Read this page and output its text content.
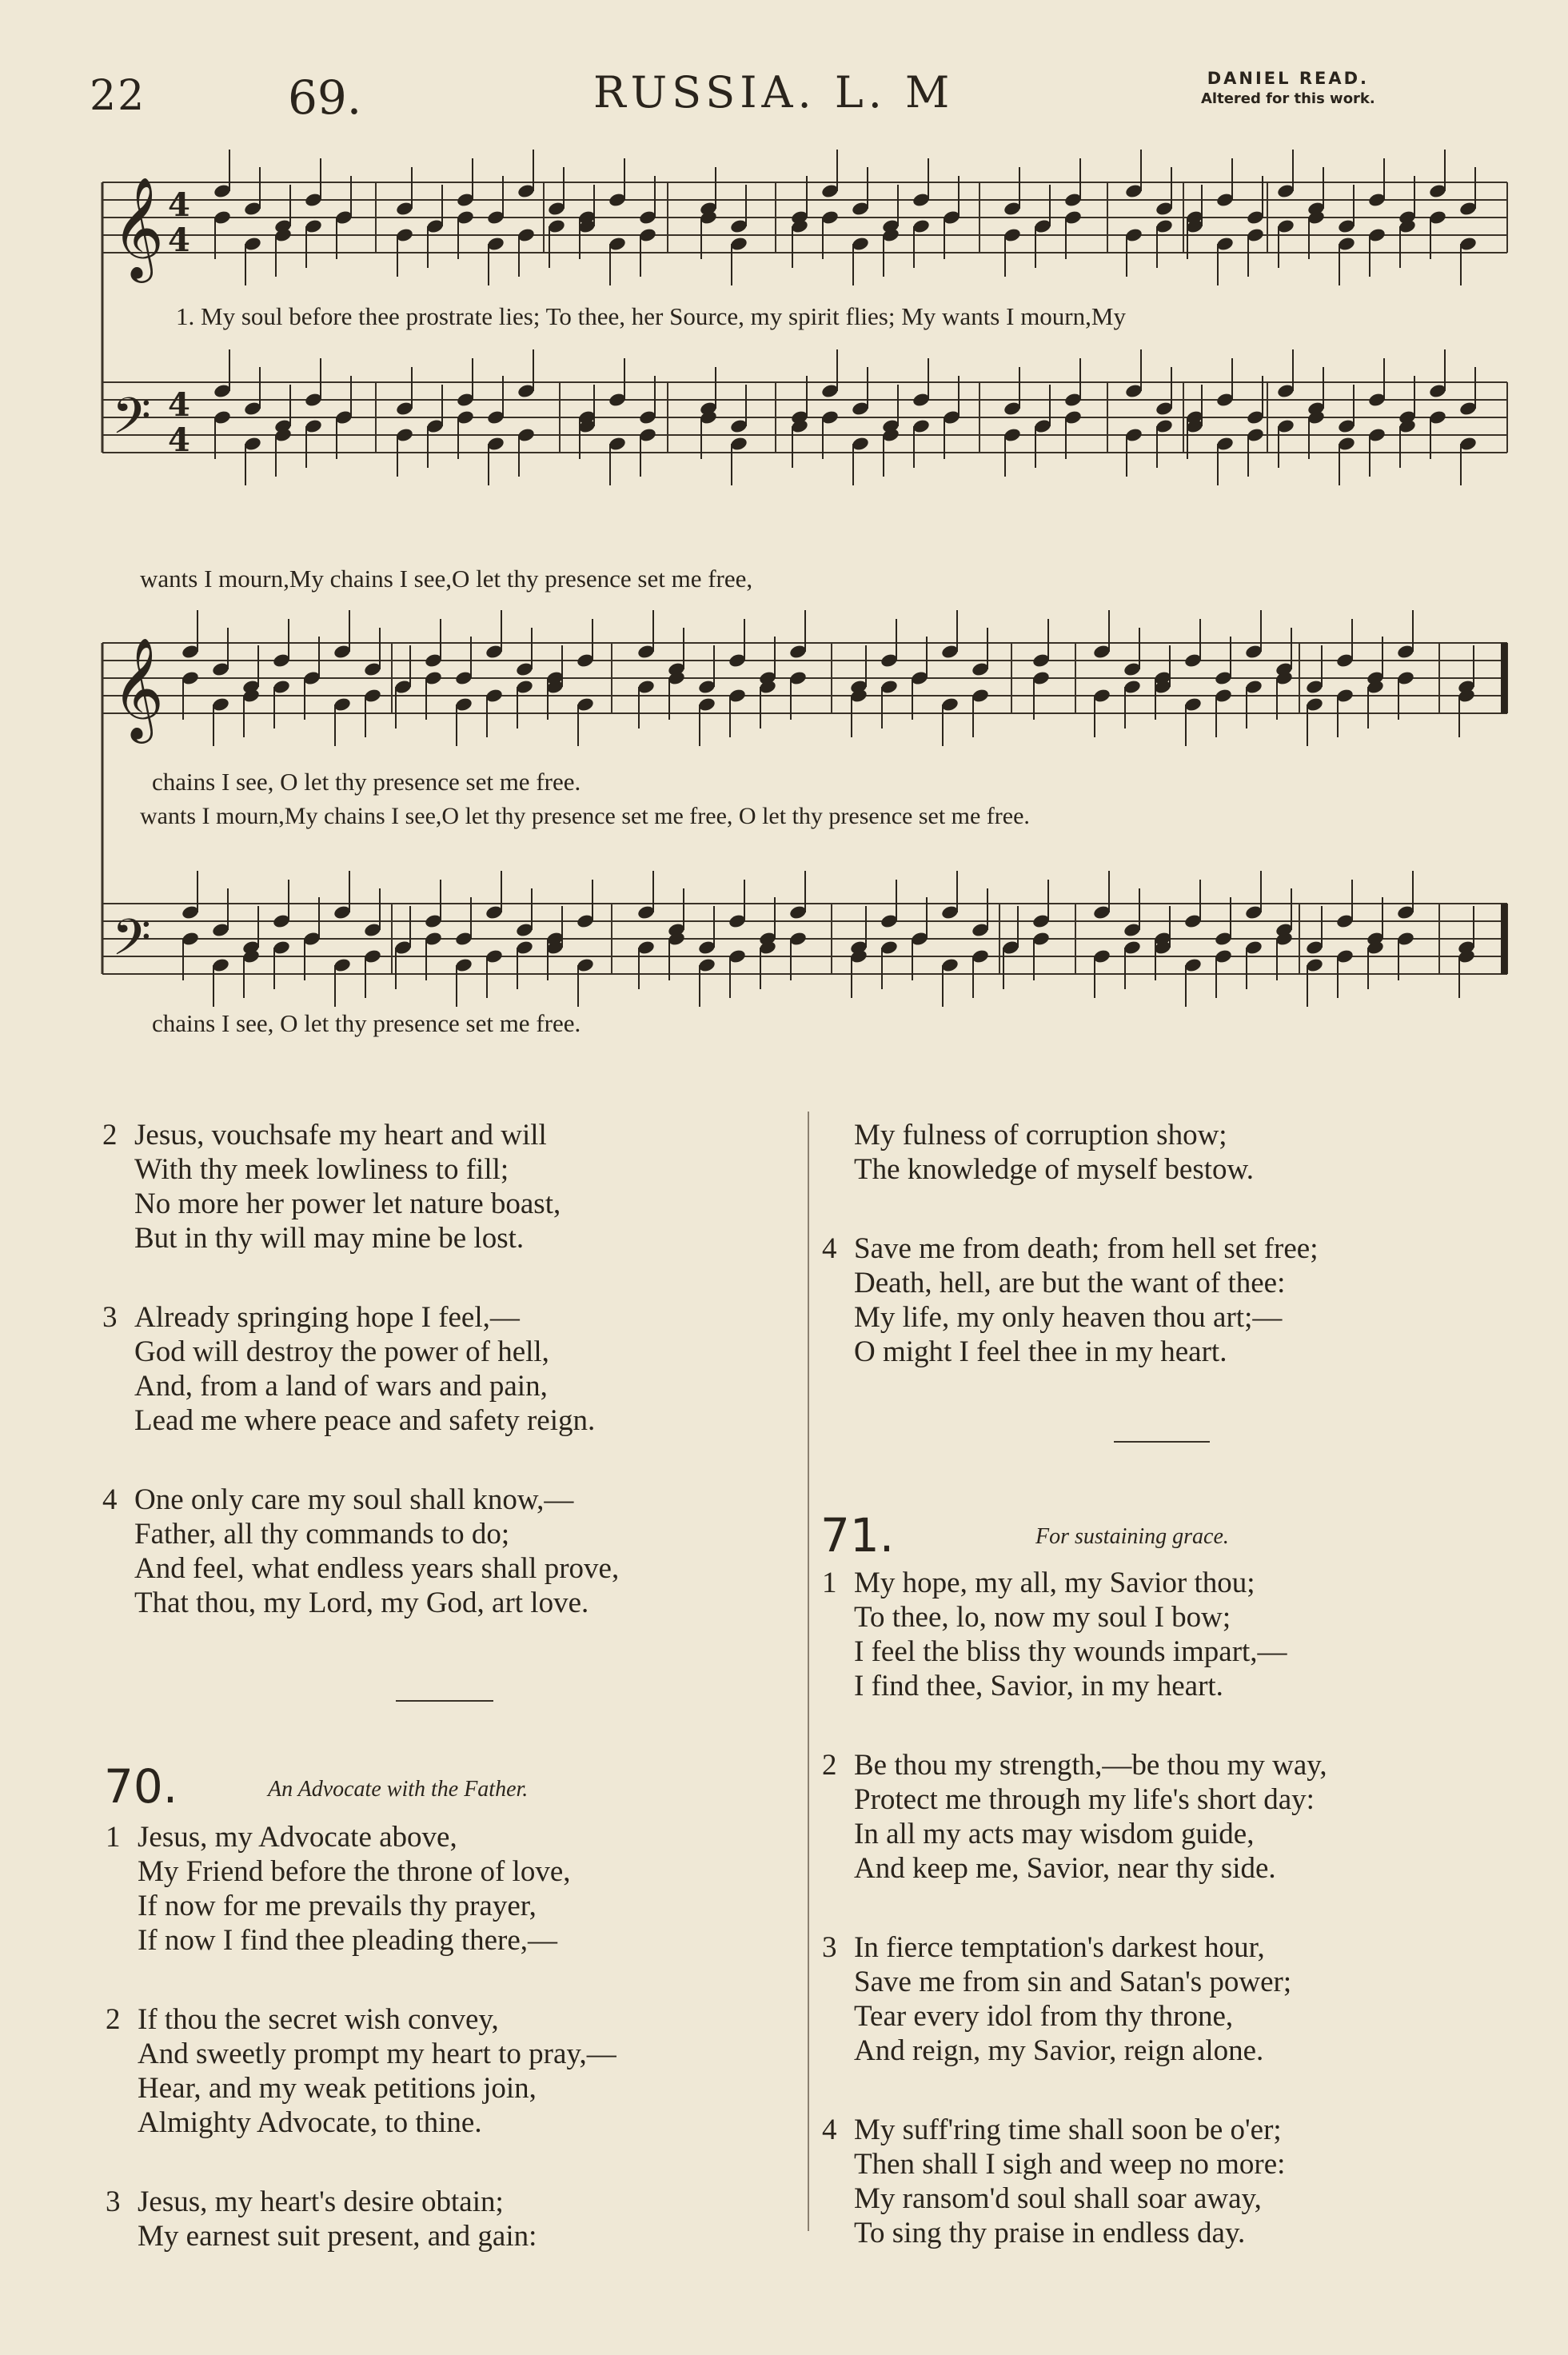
22	69.	RUSSIA. L. M	DANIEL READ.
Altered for this work.
𝄞 4
4
𝄢 4
4
𝄞
𝄢
1. My soul before thee prostrate lies; To thee, her Source, my spirit flies; My wants I mourn,My
wants I mourn,My chains I see,O let thy presence set me free,
chains I see, O let thy presence set me free.
wants I mourn,My chains I see,O let thy presence set me free, O let thy presence set me free.
chains I see, O let thy presence set me free.
2 Jesus, vouchsafe my heart and will
With thy meek lowliness to fill;
No more her power let nature boast,
But in thy will may mine be lost.
3 Already springing hope I feel,—
God will destroy the power of hell,
And, from a land of wars and pain,
Lead me where peace and safety reign.
4 One only care my soul shall know,—
Father, all thy commands to do;
And feel, what endless years shall prove,
That thou, my Lord, my God, art love.
70.	An Advocate with the Father.
1 Jesus, my Advocate above,
My Friend before the throne of love,
If now for me prevails thy prayer,
If now I find thee pleading there,—
2 If thou the secret wish convey,
And sweetly prompt my heart to pray,—
Hear, and my weak petitions join,
Almighty Advocate, to thine.
3 Jesus, my heart's desire obtain;
My earnest suit present, and gain:
My fulness of corruption show;
The knowledge of myself bestow.
4 Save me from death; from hell set free;
Death, hell, are but the want of thee:
My life, my only heaven thou art;—
O might I feel thee in my heart.
71.	For sustaining grace.
1 My hope, my all, my Savior thou;
To thee, lo, now my soul I bow;
I feel the bliss thy wounds impart,—
I find thee, Savior, in my heart.
2 Be thou my strength,—be thou my way,
Protect me through my life's short day:
In all my acts may wisdom guide,
And keep me, Savior, near thy side.
3 In fierce temptation's darkest hour,
Save me from sin and Satan's power;
Tear every idol from thy throne,
And reign, my Savior, reign alone.
4 My suff'ring time shall soon be o'er;
Then shall I sigh and weep no more:
My ransom'd soul shall soar away,
To sing thy praise in endless day.
